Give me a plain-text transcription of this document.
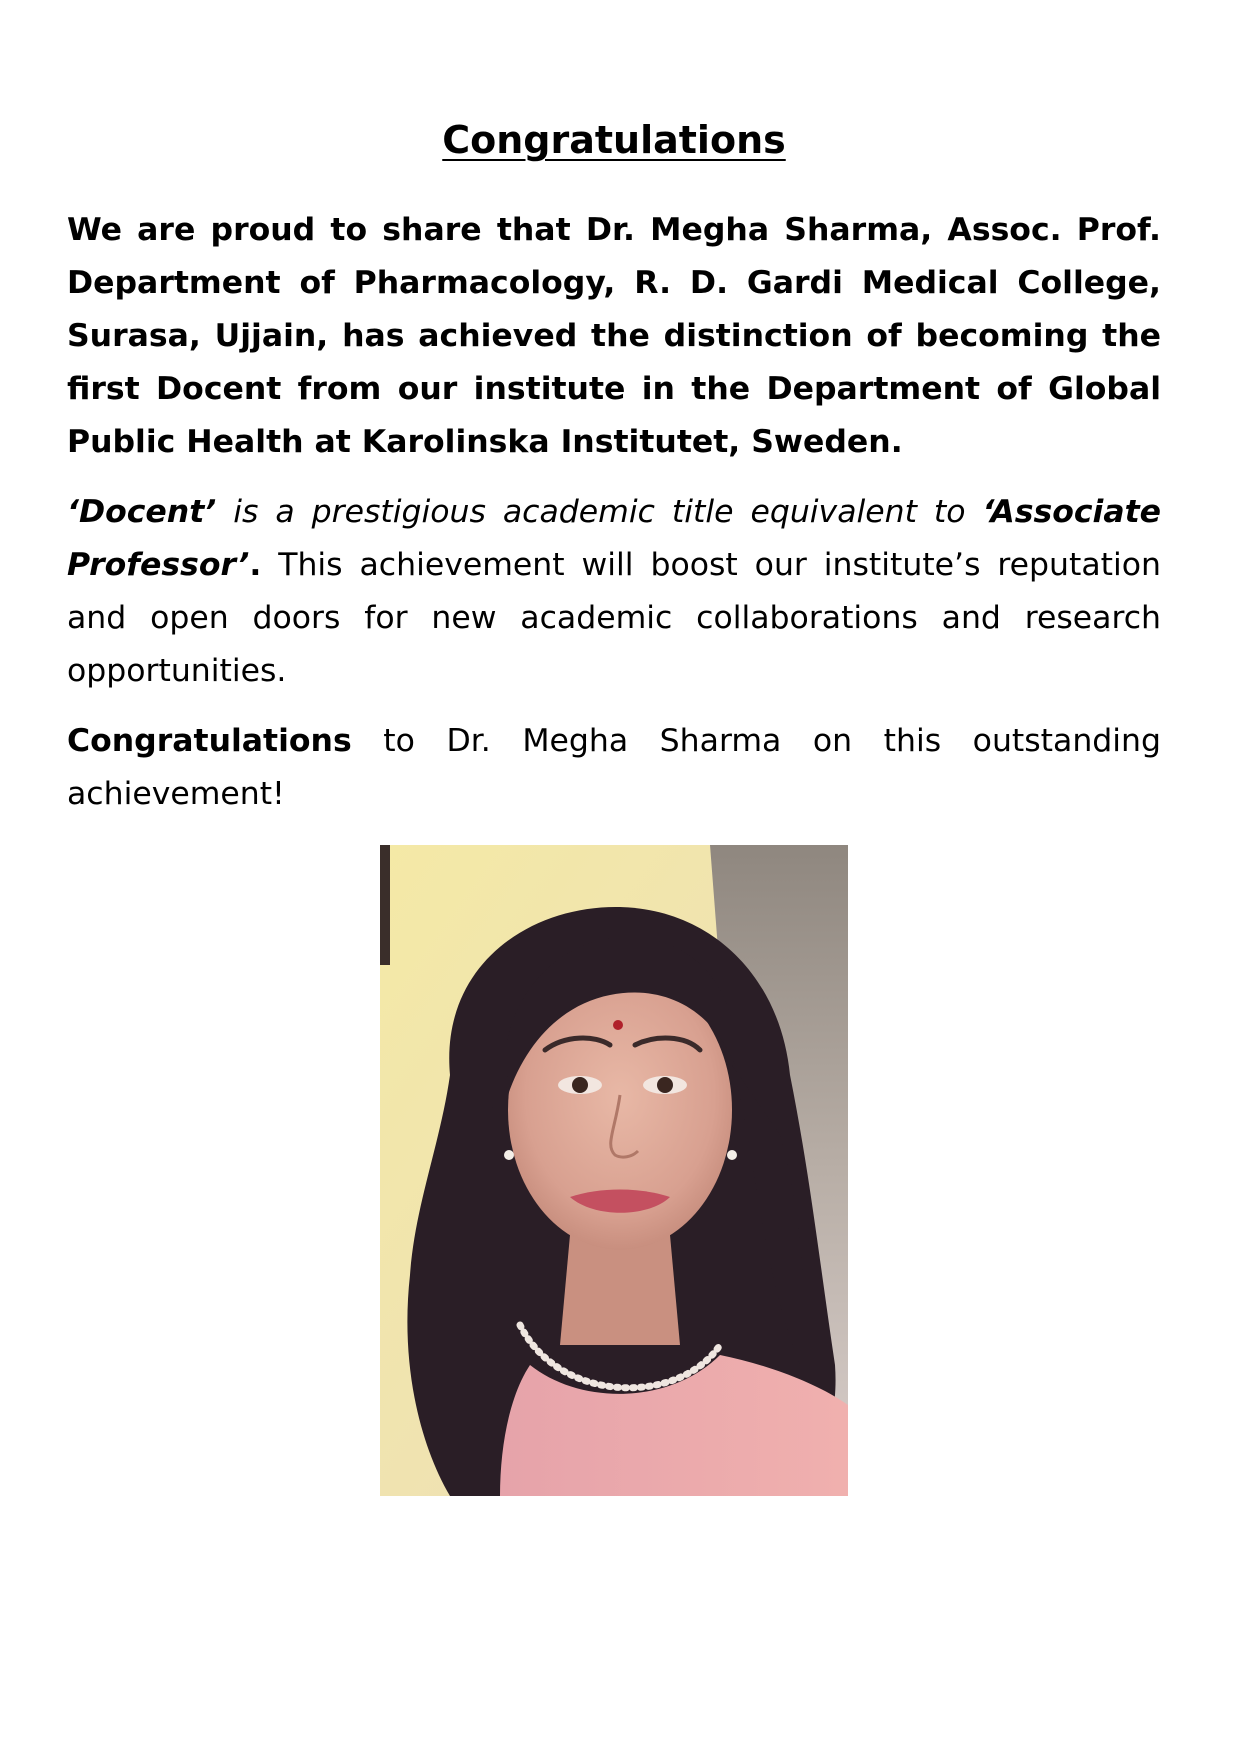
Congratulations

We are proud to share that Dr. Megha Sharma, Assoc. Prof. Department of Pharmacology, R. D. Gardi Medical College, Surasa, Ujjain, has achieved the distinction of becoming the first Docent from our institute in the Department of Global Public Health at Karolinska Institutet, Sweden.

‘Docent’ is a prestigious academic title equivalent to ‘Associate Professor’. This achievement will boost our institute’s reputation and open doors for new academic collaborations and research opportunities.

Congratulations to Dr. Megha Sharma on this outstanding achievement!
